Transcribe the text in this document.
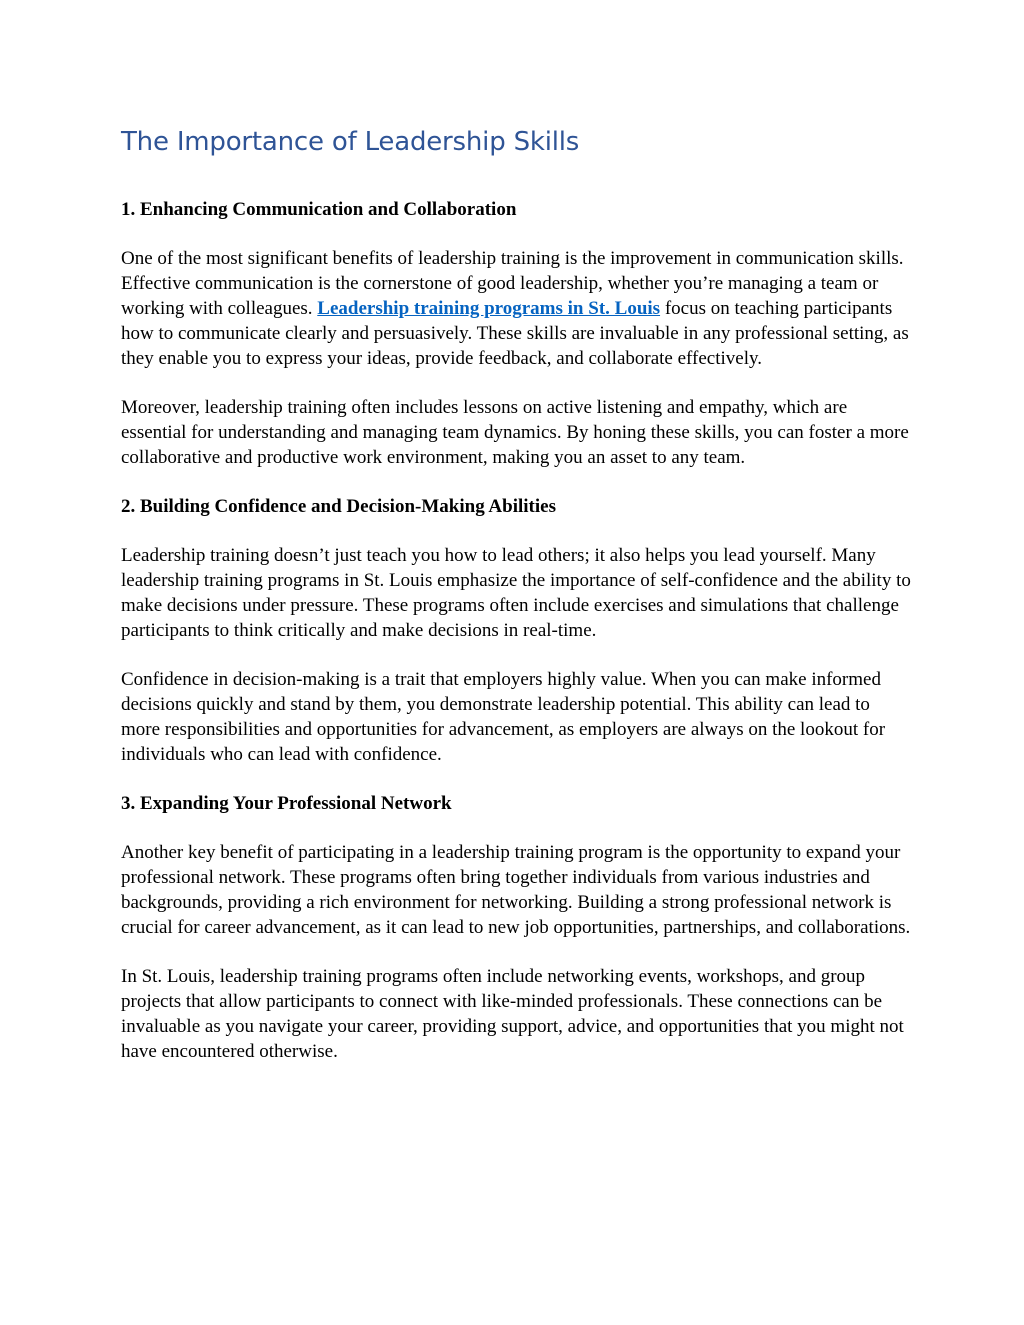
The Importance of Leadership Skills
1. Enhancing Communication and Collaboration

One of the most significant benefits of leadership training is the improvement in communication skills. Effective communication is the cornerstone of good leadership, whether you’re managing a team or working with colleagues. Leadership training programs in St. Louis focus on teaching participants how to communicate clearly and persuasively. These skills are invaluable in any professional setting, as they enable you to express your ideas, provide feedback, and collaborate effectively.

Moreover, leadership training often includes lessons on active listening and empathy, which are essential for understanding and managing team dynamics. By honing these skills, you can foster a more collaborative and productive work environment, making you an asset to any team.

2. Building Confidence and Decision-Making Abilities

Leadership training doesn’t just teach you how to lead others; it also helps you lead yourself. Many leadership training programs in St. Louis emphasize the importance of self-confidence and the ability to make decisions under pressure. These programs often include exercises and simulations that challenge participants to think critically and make decisions in real-time.

Confidence in decision-making is a trait that employers highly value. When you can make informed decisions quickly and stand by them, you demonstrate leadership potential. This ability can lead to more responsibilities and opportunities for advancement, as employers are always on the lookout for individuals who can lead with confidence.

3. Expanding Your Professional Network

Another key benefit of participating in a leadership training program is the opportunity to expand your professional network. These programs often bring together individuals from various industries and backgrounds, providing a rich environment for networking. Building a strong professional network is crucial for career advancement, as it can lead to new job opportunities, partnerships, and collaborations.

In St. Louis, leadership training programs often include networking events, workshops, and group projects that allow participants to connect with like-minded professionals. These connections can be invaluable as you navigate your career, providing support, advice, and opportunities that you might not have encountered otherwise.
